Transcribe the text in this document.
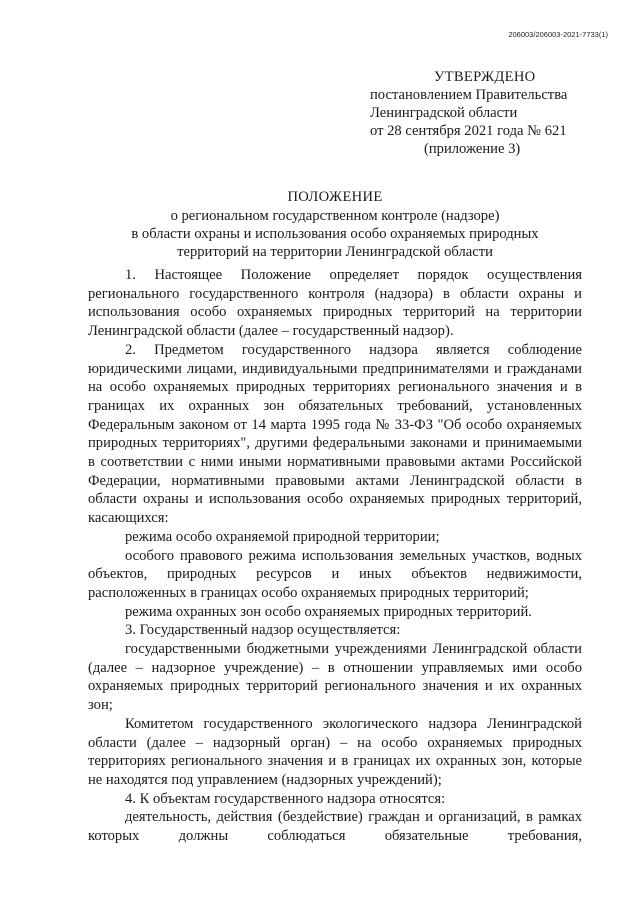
206003/206003-2021-7733(1)
УТВЕРЖДЕНО
постановлением Правительства
Ленинградской области
от 28 сентября 2021 года № 621
(приложение 3)
ПОЛОЖЕНИЕ
о региональном государственном контроле (надзоре)
в области охраны и использования особо охраняемых природных
территорий на территории Ленинградской области

1. Настоящее Положение определяет порядок осуществления регионального государственного контроля (надзора) в области охраны и использования особо охраняемых природных территорий на территории Ленинградской области (далее – государственный надзор).

2. Предметом государственного надзора является соблюдение юридическими лицами, индивидуальными предпринимателями и гражданами на особо охраняемых природных территориях регионального значения и в границах их охранных зон обязательных требований, установленных Федеральным законом от 14 марта 1995 года № 33-ФЗ "Об особо охраняемых природных территориях", другими федеральными законами и принимаемыми в соответствии с ними иными нормативными правовыми актами Российской Федерации, нормативными правовыми актами Ленинградской области в области охраны и использования особо охраняемых природных территорий, касающихся:

режима особо охраняемой природной территории;

особого правового режима использования земельных участков, водных объектов, природных ресурсов и иных объектов недвижимости, расположенных в границах особо охраняемых природных территорий;

режима охранных зон особо охраняемых природных территорий.

3. Государственный надзор осуществляется:

государственными бюджетными учреждениями Ленинградской области (далее – надзорное учреждение) – в отношении управляемых ими особо охраняемых природных территорий регионального значения и их охранных зон;

Комитетом государственного экологического надзора Ленинградской области (далее – надзорный орган) – на особо охраняемых природных территориях регионального значения и в границах их охранных зон, которые не находятся под управлением (надзорных учреждений);

4. К объектам государственного надзора относятся:

деятельность, действия (бездействие) граждан и организаций, в рамках которых должны соблюдаться обязательные требования,
